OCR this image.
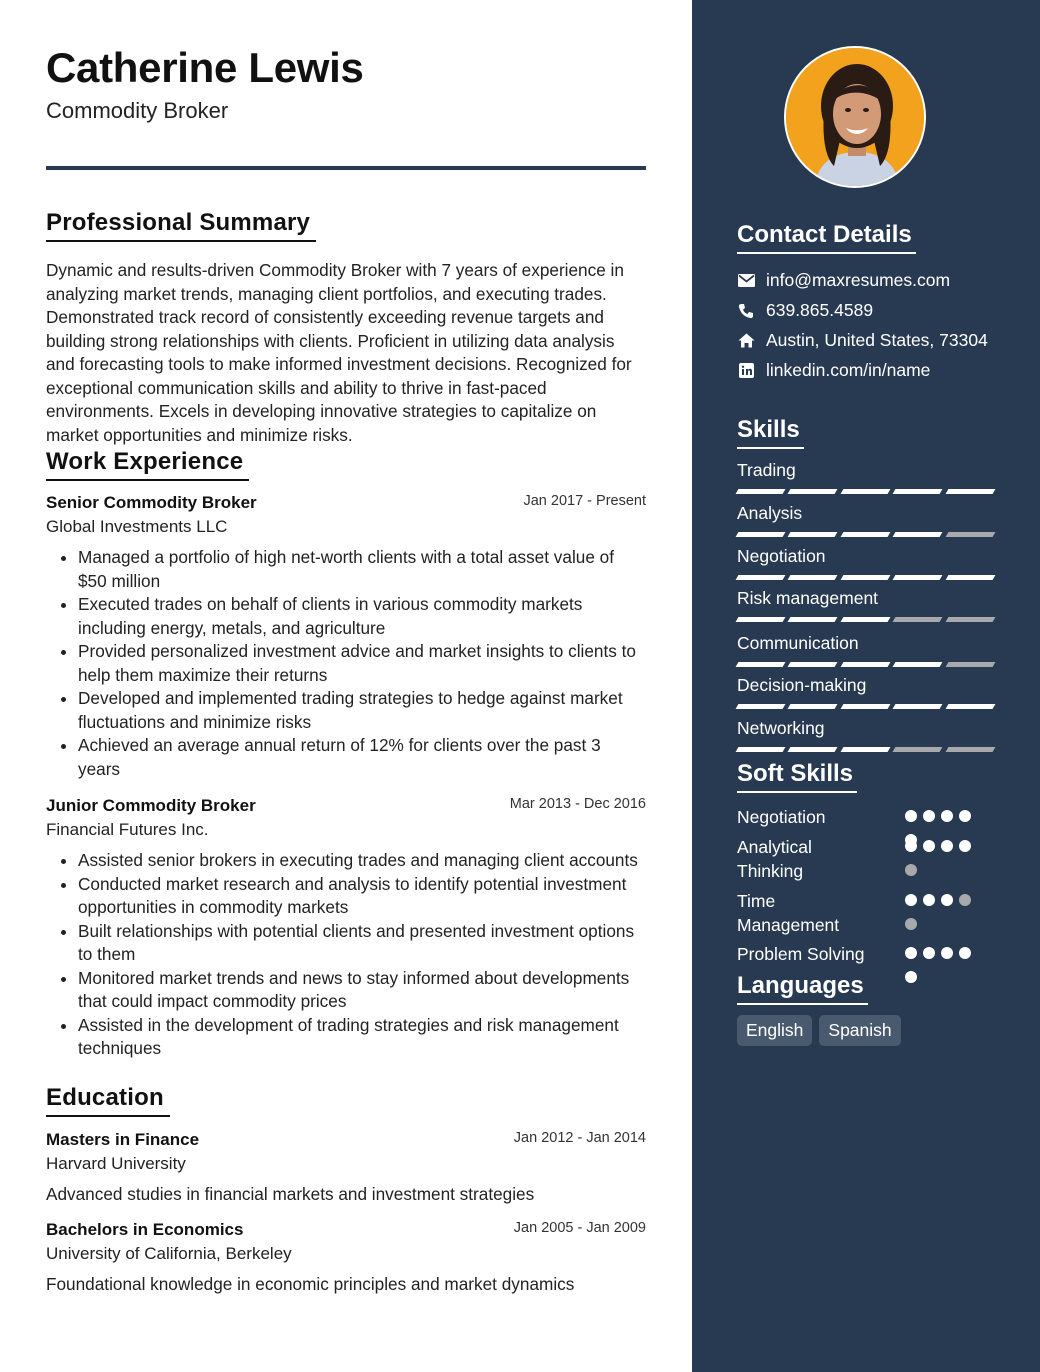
Catherine Lewis
Commodity Broker
Professional Summary
Dynamic and results-driven Commodity Broker with 7 years of experience in analyzing market trends, managing client portfolios, and executing trades. Demonstrated track record of consistently exceeding revenue targets and building strong relationships with clients. Proficient in utilizing data analysis and forecasting tools to make informed investment decisions. Recognized for exceptional communication skills and ability to thrive in fast-paced environments. Excels in developing innovative strategies to capitalize on market opportunities and minimize risks.
Work Experience
Senior Commodity Broker	Jan 2017 - Present
Global Investments LLC
• Managed a portfolio of high net-worth clients with a total asset value of $50 million
• Executed trades on behalf of clients in various commodity markets including energy, metals, and agriculture
• Provided personalized investment advice and market insights to clients to help them maximize their returns
• Developed and implemented trading strategies to hedge against market fluctuations and minimize risks
• Achieved an average annual return of 12% for clients over the past 3 years
Junior Commodity Broker	Mar 2013 - Dec 2016
Financial Futures Inc.
• Assisted senior brokers in executing trades and managing client accounts
• Conducted market research and analysis to identify potential investment opportunities in commodity markets
• Built relationships with potential clients and presented investment options to them
• Monitored market trends and news to stay informed about developments that could impact commodity prices
• Assisted in the development of trading strategies and risk management techniques
Education
Masters in Finance	Jan 2012 - Jan 2014
Harvard University
Advanced studies in financial markets and investment strategies
Bachelors in Economics	Jan 2005 - Jan 2009
University of California, Berkeley
Foundational knowledge in economic principles and market dynamics
Contact Details
info@maxresumes.com
639.865.4589
Austin, United States, 73304
linkedin.com/in/name
Skills
Trading
Analysis
Negotiation
Risk management
Communication
Decision-making
Networking
Soft Skills
Negotiation
Analytical Thinking
Time Management
Problem Solving
Languages
English	Spanish
